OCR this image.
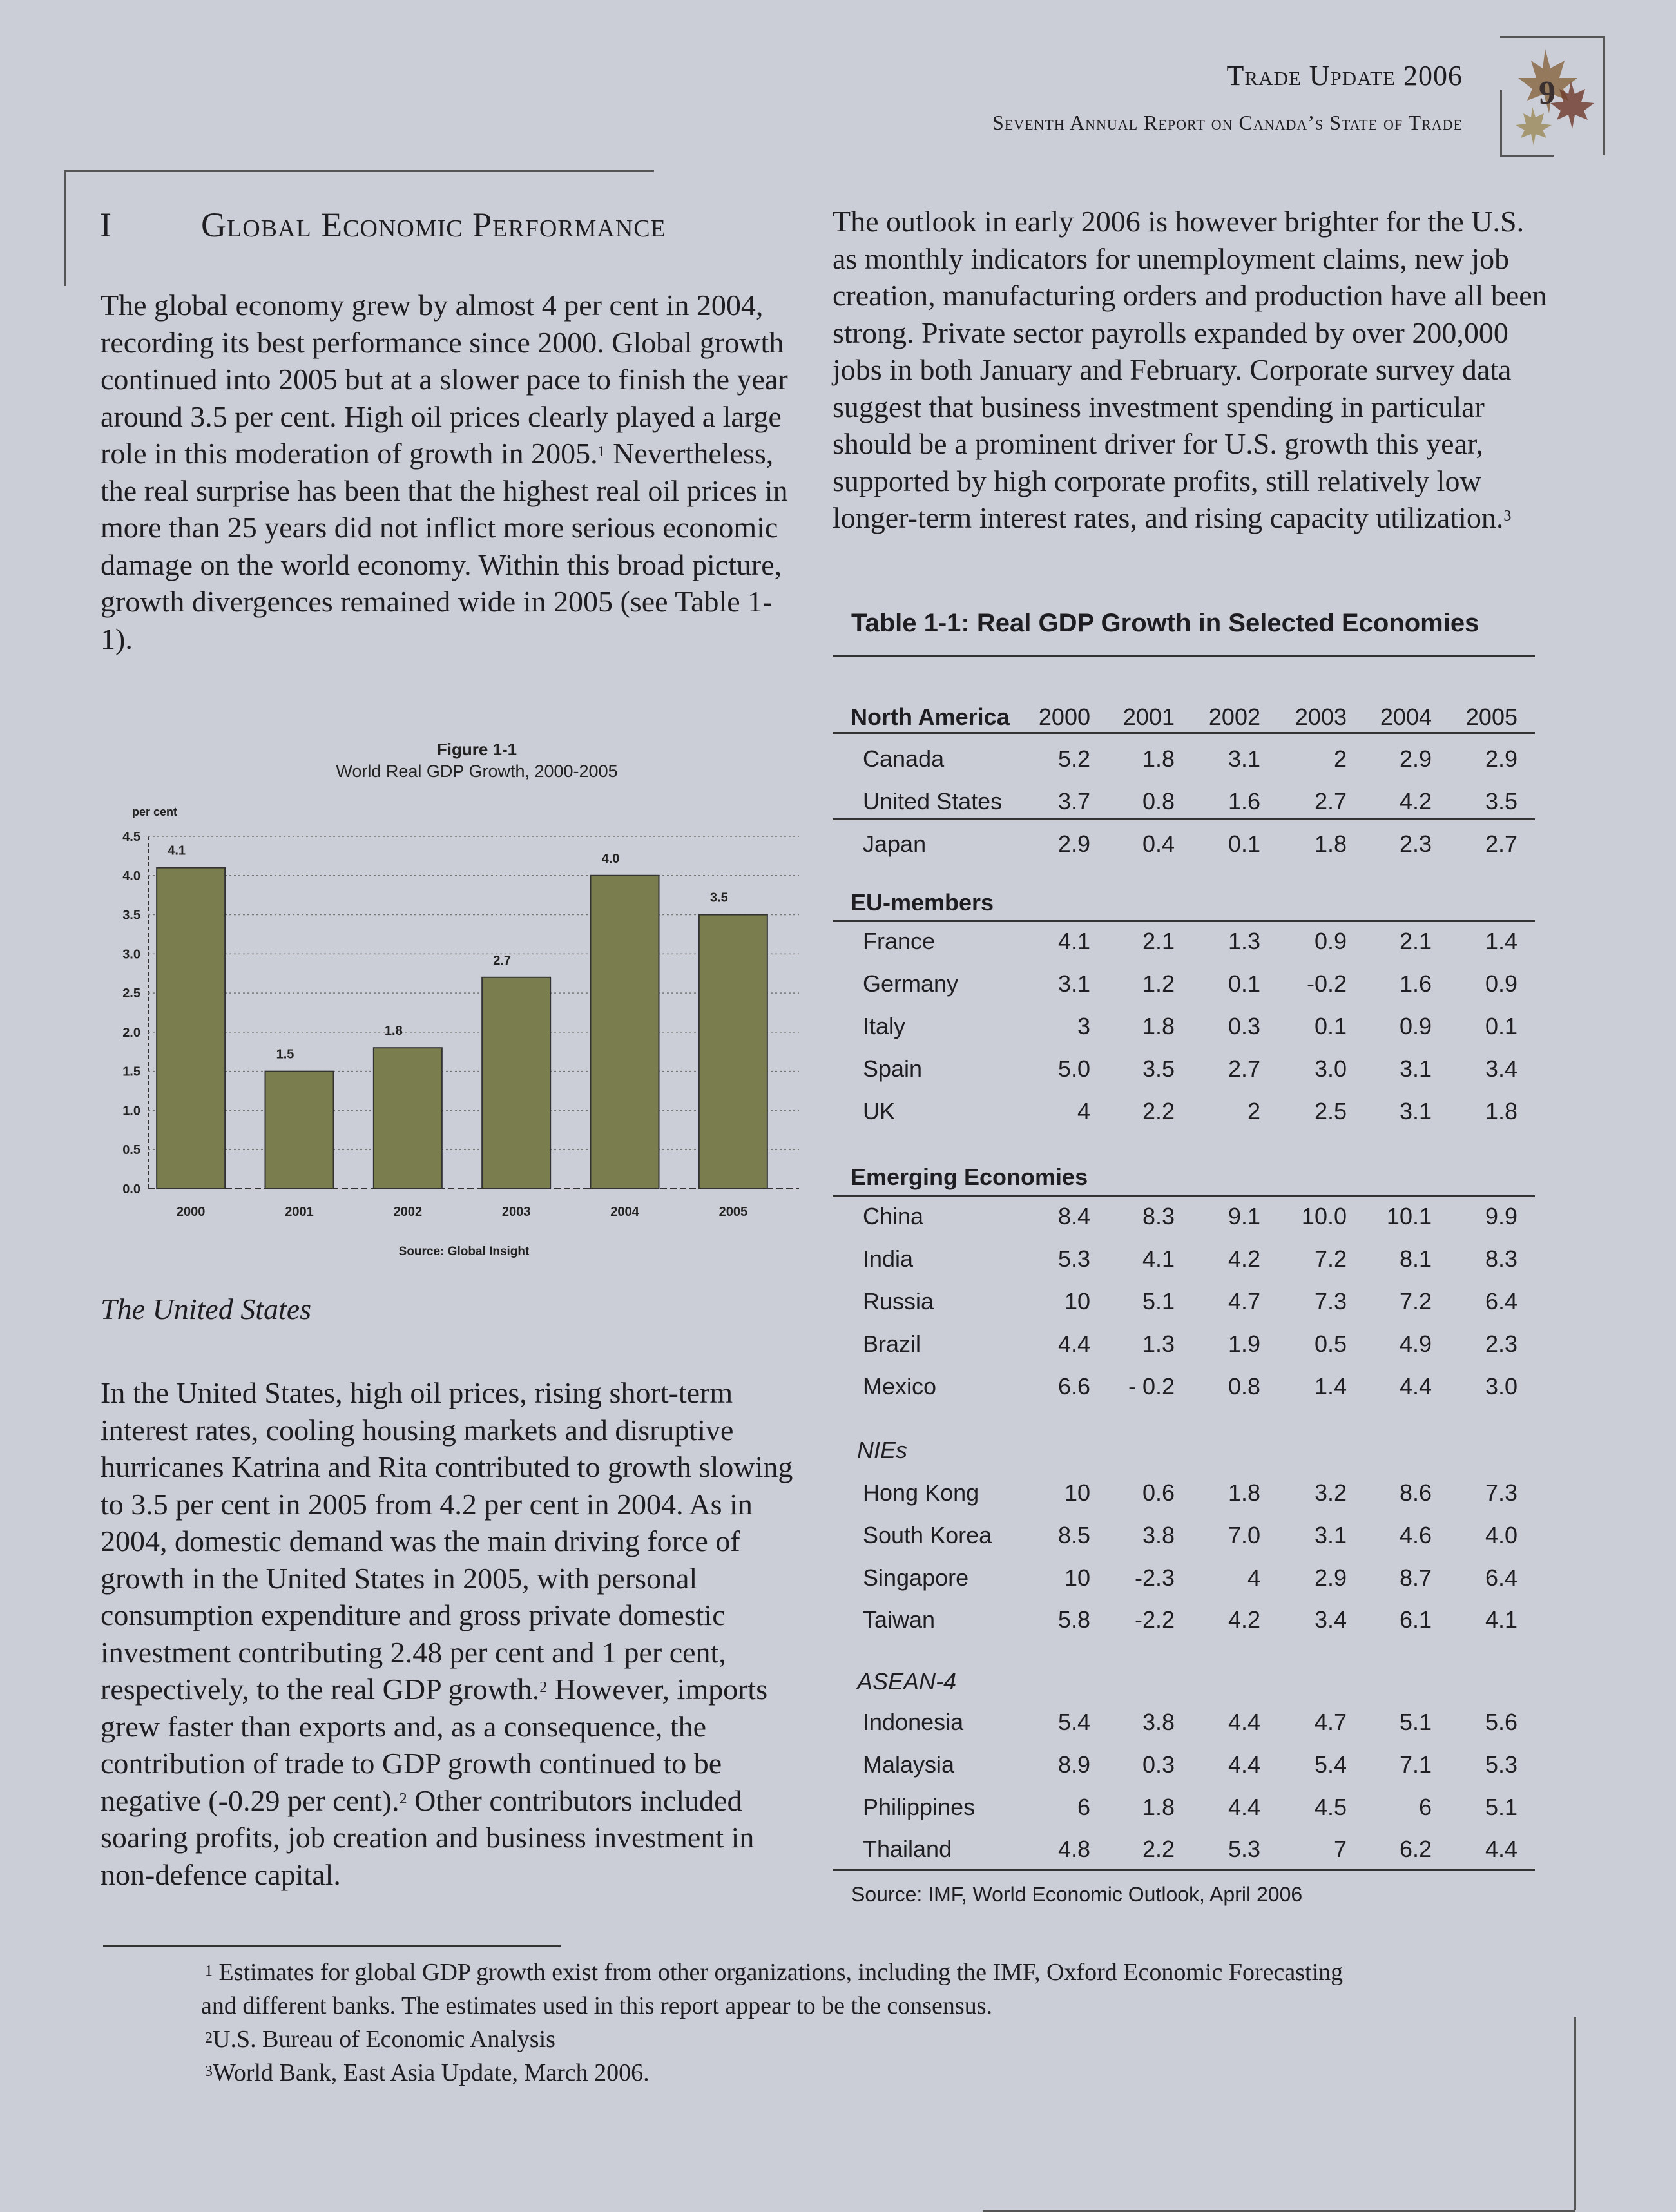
Trade Update 2006
Seventh Annual Report on Canada’s State of Trade
9
I	Global Economic Performance

The global economy grew by almost 4 per cent in 2004, recording its best performance since 2000. Global growth continued into 2005 but at a slower pace to finish the year around 3.5 per cent. High oil prices clearly played a large role in this moderation of growth in 2005.$^1$ Nevertheless, the real surprise has been that the highest real oil prices in more than 25 years did not inflict more serious economic damage on the world economy. Within this broad picture, growth divergences remained wide in 2005 (see Table 1-1).

The United States

In the United States, high oil prices, rising short-term interest rates, cooling housing markets and disruptive hurricanes Katrina and Rita contributed to growth slowing to 3.5 per cent in 2005 from 4.2 per cent in 2004. As in 2004, domestic demand was the main driving force of growth in the United States in 2005, with personal consumption expenditure and gross private domestic investment contributing 2.48 per cent and 1 per cent, respectively, to the real GDP growth.$^2$ However, imports grew faster than exports and, as a consequence, the contribution of trade to GDP growth continued to be negative (-0.29 per cent).$^2$ Other contributors included soaring profits, job creation and business investment in non-defence capital.

Figure 1-1
World Real GDP Growth, 2000-2005
per cent
4.1
1.5
1.8
2.7
4.0
3.5
0.0
0.5
1.0
1.5
2.0
2.5
3.0
3.5
4.0
4.5
2000	2001	2002	2003	2004	2005
Source: Global Insight

The outlook in early 2006 is however brighter for the U.S. as monthly indicators for unemployment claims, new job creation, manufacturing orders and production have all been strong. Private sector payrolls expanded by over 200,000 jobs in both January and February. Corporate survey data suggest that business investment spending in particular should be a prominent driver for U.S. growth this year, supported by high corporate profits, still relatively low longer-term interest rates, and rising capacity utilization.$^3$

Table 1-1: Real GDP Growth in Selected Economies
North America 2000 2001 2002 2003 2004 2005
Canada	5.2 1.8 3.1	2 2.9 2.9
United States 3.7 0.8 1.6 2.7 4.2 3.5
Japan	2.9 0.4 0.1 1.8 2.3 2.7
EU-members
France	4.1 2.1 1.3 0.9 2.1 1.4
Germany	3.1 1.2 0.1 -0.2 1.6 0.9
Italy	3 1.8 0.3 0.1 0.9 0.1
Spain	5.0 3.5 2.7 3.0 3.1 3.4
UK	4 2.2	2 2.5 3.1 1.8
Emerging Economies
China	8.4 8.3 9.1 10.0 10.1 9.9
India	5.3 4.1 4.2 7.2 8.1 8.3
Russia	10 5.1 4.7 7.3 7.2 6.4
Brazil	4.4 1.3 1.9 0.5 4.9 2.3
Mexico	6.6 - 0.2 0.8 1.4 4.4 3.0
NIEs
Hong Kong	10 0.6 1.8 3.2 8.6 7.3
South Korea	8.5 3.8 7.0 3.1 4.6 4.0
Singapore	10 -2.3	4 2.9 8.7 6.4
Taiwan	5.8 -2.2 4.2 3.4 6.1 4.1
ASEAN-4
Indonesia	5.4 3.8 4.4 4.7 5.1 5.6
Malaysia	8.9 0.3 4.4 5.4 7.1 5.3
Philippines	6 1.8 4.4 4.5	6 5.1
Thailand	4.8 2.2 5.3	7 6.2 4.4
Source: IMF, World Economic Outlook, April 2006
$^1$ Estimates for global GDP growth exist from other organizations, including the IMF, Oxford Economic Forecasting
and different banks. The estimates used in this report appear to be the consensus.
$^2$U.S. Bureau of Economic Analysis
$^3$World Bank, East Asia Update, March 2006.
